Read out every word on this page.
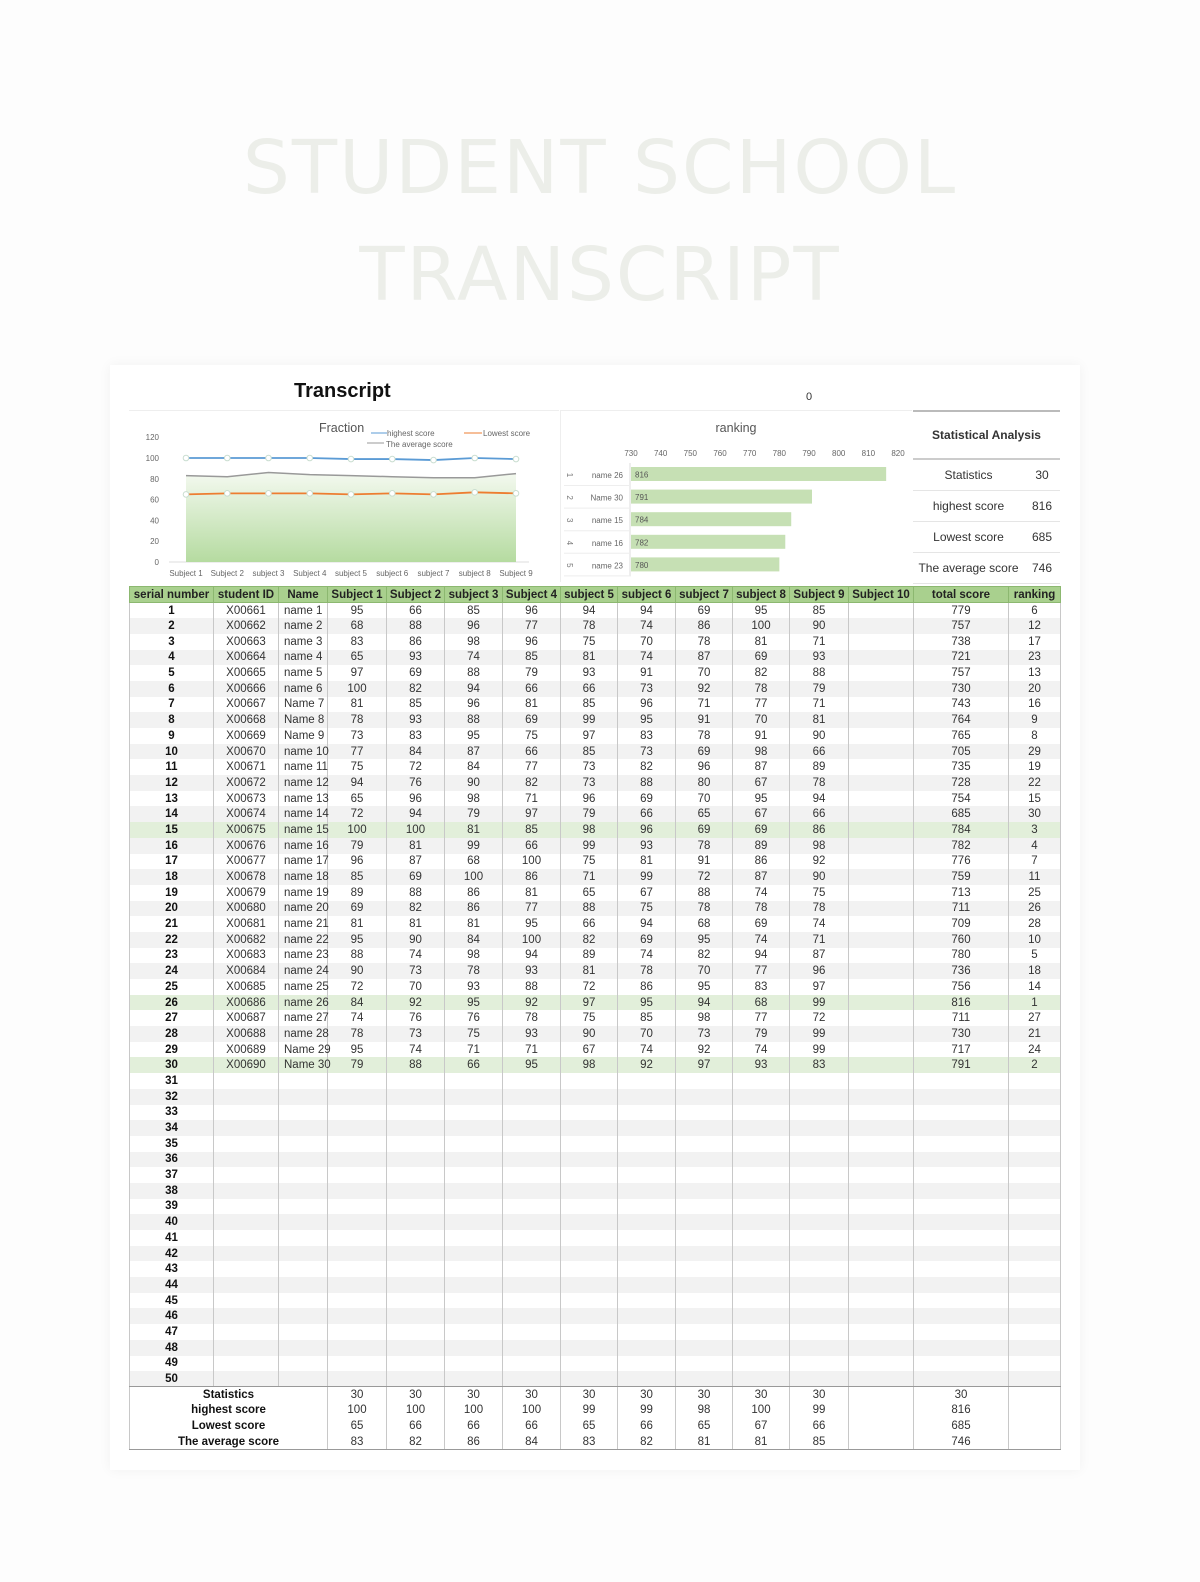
STUDENT SCHOOL
TRANSCRIPT
Transcript	0
0
20
40
60
80
100
120
Subject 1 Subject 2 subject 3 Subject 4 subject 5 subject 6 subject 7 subject 8 Subject 9
Fraction	highest score	Lowest score
The average score
ranking
730 740 750 760 770 780 790 800 810 820
1 name 26 816
2 Name 30 791
3 name 15 784
4 name 16 782
5 name 23 780
Statistical Analysis
Statistics	30
highest score	816
Lowest score	685
The average score	746
serial number	student ID	Name	Subject 1	Subject 2	subject 3	Subject 4	subject 5	subject 6	subject 7	subject 8	Subject 9	Subject 10	total score	ranking
1	X00661	name 1	95	66	85	96	94	94	69	95	85		779	6
2	X00662	name 2	68	88	96	77	78	74	86	100	90		757	12
3	X00663	name 3	83	86	98	96	75	70	78	81	71		738	17
4	X00664	name 4	65	93	74	85	81	74	87	69	93		721	23
5	X00665	name 5	97	69	88	79	93	91	70	82	88		757	13
6	X00666	name 6	100	82	94	66	66	73	92	78	79		730	20
7	X00667	Name 7	81	85	96	81	85	96	71	77	71		743	16
8	X00668	Name 8	78	93	88	69	99	95	91	70	81		764	9
9	X00669	Name 9	73	83	95	75	97	83	78	91	90		765	8
10	X00670	name 10	77	84	87	66	85	73	69	98	66		705	29
11	X00671	name 11	75	72	84	77	73	82	96	87	89		735	19
12	X00672	name 12	94	76	90	82	73	88	80	67	78		728	22
13	X00673	name 13	65	96	98	71	96	69	70	95	94		754	15
14	X00674	name 14	72	94	79	97	79	66	65	67	66		685	30
15	X00675	name 15	100	100	81	85	98	96	69	69	86		784	3
16	X00676	name 16	79	81	99	66	99	93	78	89	98		782	4
17	X00677	name 17	96	87	68	100	75	81	91	86	92		776	7
18	X00678	name 18	85	69	100	86	71	99	72	87	90		759	11
19	X00679	name 19	89	88	86	81	65	67	88	74	75		713	25
20	X00680	name 20	69	82	86	77	88	75	78	78	78		711	26
21	X00681	name 21	81	81	81	95	66	94	68	69	74		709	28
22	X00682	name 22	95	90	84	100	82	69	95	74	71		760	10
23	X00683	name 23	88	74	98	94	89	74	82	94	87		780	5
24	X00684	name 24	90	73	78	93	81	78	70	77	96		736	18
25	X00685	name 25	72	70	93	88	72	86	95	83	97		756	14
26	X00686	name 26	84	92	95	92	97	95	94	68	99		816	1
27	X00687	name 27	74	76	76	78	75	85	98	77	72		711	27
28	X00688	name 28	78	73	75	93	90	70	73	79	99		730	21
29	X00689	Name 29	95	74	71	71	67	74	92	74	99		717	24
30	X00690	Name 30	79	88	66	95	98	92	97	93	83		791	2
31														
32														
33														
34														
35														
36														
37														
38														
39														
40														
41														
42														
43														
44														
45														
46														
47														
48														
49														
50														
Statistics			30	30	30	30	30	30	30	30	30		30	
highest score			100	100	100	100	99	99	98	100	99		816	
Lowest score			65	66	66	66	65	66	65	67	66		685	
The average score			83	82	86	84	83	82	81	81	85		746	
